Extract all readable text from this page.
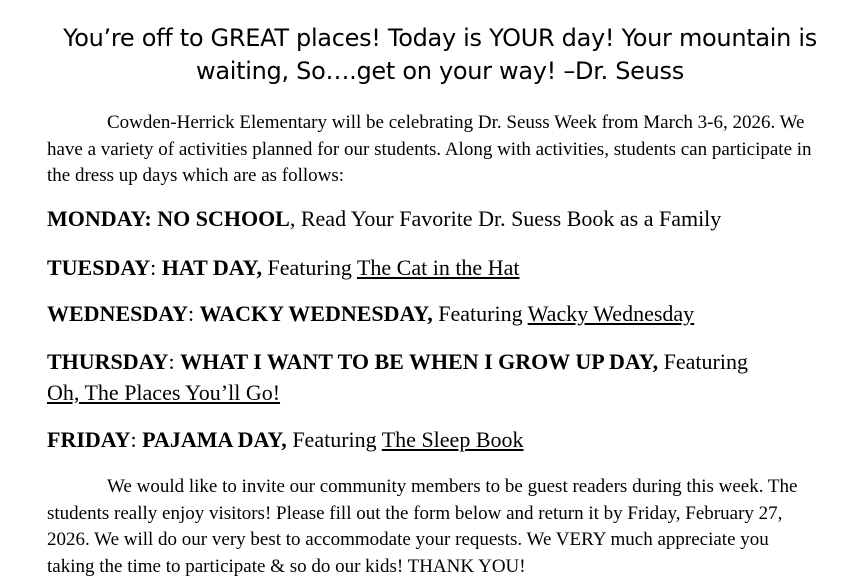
You’re off to GREAT places! Today is YOUR day! Your mountain is
waiting, So….get on your way! –Dr. Seuss

Cowden-Herrick Elementary will be celebrating Dr. Seuss Week from March 3-6, 2026. We have a variety of activities planned for our students. Along with activities, students can participate in the dress up days which are as follows:

MONDAY: NO SCHOOL, Read Your Favorite Dr. Suess Book as a Family

TUESDAY: HAT DAY, Featuring The Cat in the Hat

WEDNESDAY: WACKY WEDNESDAY, Featuring Wacky Wednesday

THURSDAY: WHAT I WANT TO BE WHEN I GROW UP DAY, Featuring
Oh, The Places You’ll Go!

FRIDAY: PAJAMA DAY, Featuring The Sleep Book

We would like to invite our community members to be guest readers during this week. The students really enjoy visitors! Please fill out the form below and return it by Friday, February 27, 2026. We will do our very best to accommodate your requests. We VERY much appreciate you taking the time to participate & so do our kids! THANK YOU!
